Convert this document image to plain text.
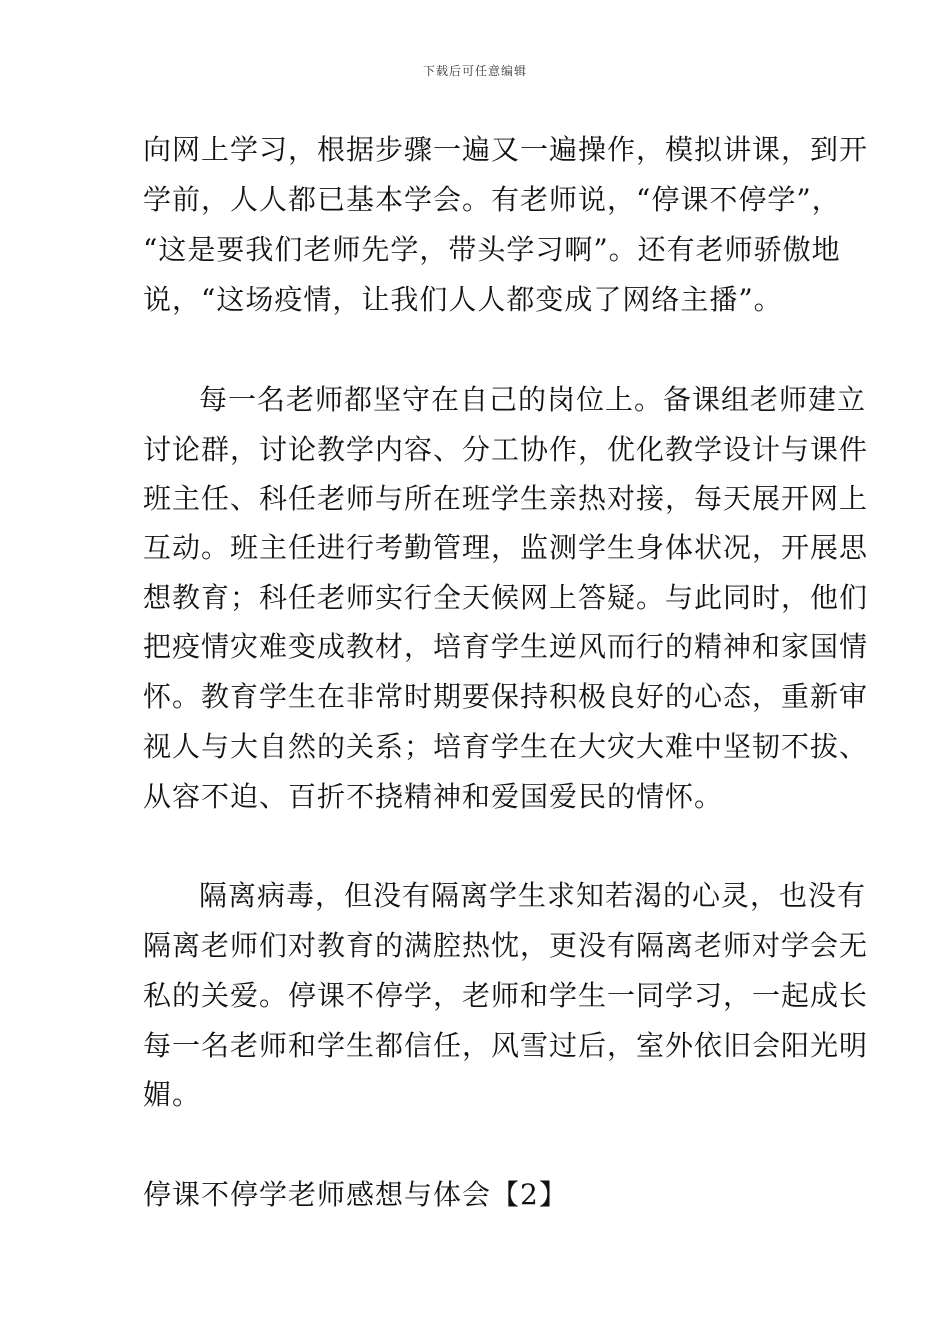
下载后可任意编辑
向网上学习，根据步骤一遍又一遍操作，模拟讲课，到开
学前，人人都已基本学会。有老师说，“停课不停学”，
“这是要我们老师先学，带头学习啊”。还有老师骄傲地
说，“这场疫情，让我们人人都变成了网络主播”。
每一名老师都坚守在自己的岗位上。备课组老师建立
讨论群，讨论教学内容、分工协作，优化教学设计与课件
班主任、科任老师与所在班学生亲热对接，每天展开网上
互动。班主任进行考勤管理，监测学生身体状况，开展思
想教育；科任老师实行全天候网上答疑。与此同时，他们
把疫情灾难变成教材，培育学生逆风而行的精神和家国情
怀。教育学生在非常时期要保持积极良好的心态，重新审
视人与大自然的关系；培育学生在大灾大难中坚韧不拔、
从容不迫、百折不挠精神和爱国爱民的情怀。
隔离病毒，但没有隔离学生求知若渴的心灵，也没有
隔离老师们对教育的满腔热忱，更没有隔离老师对学会无
私的关爱。停课不停学，老师和学生一同学习，一起成长
每一名老师和学生都信任，风雪过后，室外依旧会阳光明
媚。
停课不停学老师感想与体会【2】
